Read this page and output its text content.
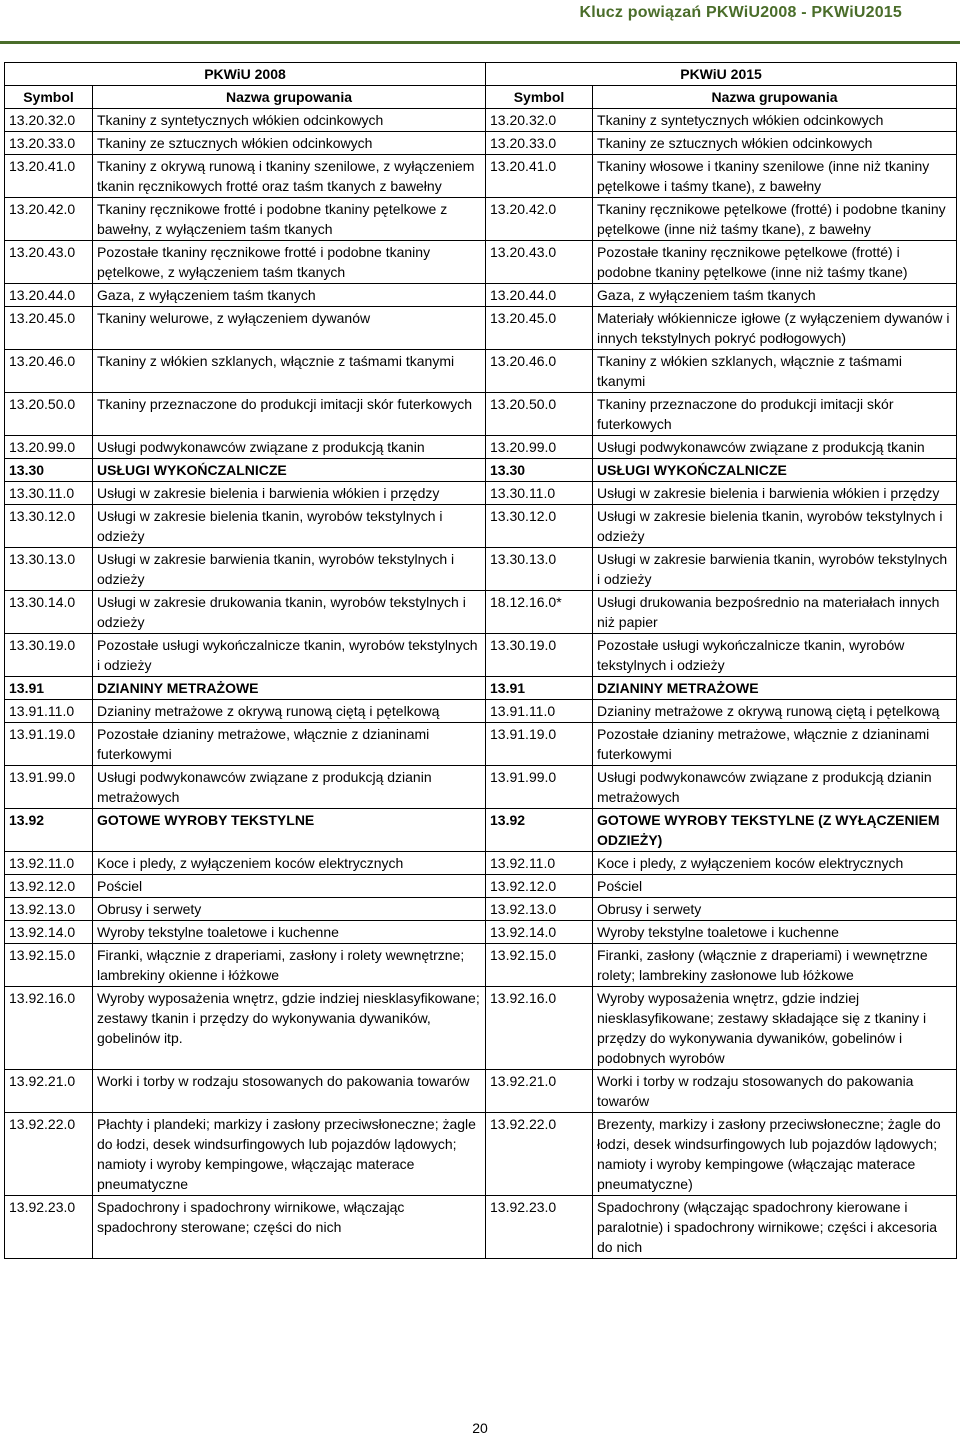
Klucz powiązań PKWiU2008 - PKWiU2015
PKWiU 2008		PKWiU 2015	
Symbol	Nazwa grupowania	Symbol	Nazwa grupowania
13.20.32.0	Tkaniny z syntetycznych włókien odcinkowych	13.20.32.0	Tkaniny z syntetycznych włókien odcinkowych
13.20.33.0	Tkaniny ze sztucznych włókien odcinkowych	13.20.33.0	Tkaniny ze sztucznych włókien odcinkowych
13.20.41.0	Tkaniny z okrywą runową i tkaniny szenilowe, z wyłączeniem tkanin ręcznikowych frotté oraz taśm tkanych z bawełny	13.20.41.0	Tkaniny włosowe i tkaniny szenilowe (inne niż tkaniny pętelkowe i taśmy tkane), z bawełny
13.20.42.0	Tkaniny ręcznikowe frotté i podobne tkaniny pętelkowe z bawełny, z wyłączeniem taśm tkanych	13.20.42.0	Tkaniny ręcznikowe pętelkowe (frotté) i podobne tkaniny pętelkowe (inne niż taśmy tkane), z bawełny
13.20.43.0	Pozostałe tkaniny ręcznikowe frotté i podobne tkaniny pętelkowe, z wyłączeniem taśm tkanych	13.20.43.0	Pozostałe tkaniny ręcznikowe pętelkowe (frotté) i podobne tkaniny pętelkowe (inne niż taśmy tkane)
13.20.44.0	Gaza, z wyłączeniem taśm tkanych	13.20.44.0	Gaza, z wyłączeniem taśm tkanych
13.20.45.0	Tkaniny welurowe, z wyłączeniem dywanów	13.20.45.0	Materiały włókiennicze igłowe (z wyłączeniem dywanów i innych tekstylnych pokryć podłogowych)
13.20.46.0	Tkaniny z włókien szklanych, włącznie z taśmami tkanymi	13.20.46.0	Tkaniny z włókien szklanych, włącznie z taśmami tkanymi
13.20.50.0	Tkaniny przeznaczone do produkcji imitacji skór futerkowych	13.20.50.0	Tkaniny przeznaczone do produkcji imitacji skór futerkowych
13.20.99.0	Usługi podwykonawców związane z produkcją tkanin	13.20.99.0	Usługi podwykonawców związane z produkcją tkanin
13.30	USŁUGI WYKOŃCZALNICZE	13.30	USŁUGI WYKOŃCZALNICZE
13.30.11.0	Usługi w zakresie bielenia i barwienia włókien i przędzy	13.30.11.0	Usługi w zakresie bielenia i barwienia włókien i przędzy
13.30.12.0	Usługi w zakresie bielenia tkanin, wyrobów tekstylnych i odzieży	13.30.12.0	Usługi w zakresie bielenia tkanin, wyrobów tekstylnych i odzieży
13.30.13.0	Usługi w zakresie barwienia tkanin, wyrobów tekstylnych i odzieży	13.30.13.0	Usługi w zakresie barwienia tkanin, wyrobów tekstylnych i odzieży
13.30.14.0	Usługi w zakresie drukowania tkanin, wyrobów tekstylnych i odzieży	18.12.16.0*	Usługi drukowania bezpośrednio na materiałach innych niż papier
13.30.19.0	Pozostałe usługi wykończalnicze tkanin, wyrobów tekstylnych i odzieży	13.30.19.0	Pozostałe usługi wykończalnicze tkanin, wyrobów tekstylnych i odzieży
13.91	DZIANINY METRAŻOWE	13.91	DZIANINY METRAŻOWE
13.91.11.0	Dzianiny metrażowe z okrywą runową ciętą i pętelkową	13.91.11.0	Dzianiny metrażowe z okrywą runową ciętą i pętelkową
13.91.19.0	Pozostałe dzianiny metrażowe, włącznie z dzianinami futerkowymi	13.91.19.0	Pozostałe dzianiny metrażowe, włącznie z dzianinami futerkowymi
13.91.99.0	Usługi podwykonawców związane z produkcją dzianin metrażowych	13.91.99.0	Usługi podwykonawców związane z produkcją dzianin metrażowych
13.92	GOTOWE WYROBY TEKSTYLNE	13.92	GOTOWE WYROBY TEKSTYLNE (Z WYŁĄCZENIEM ODZIEŻY)
13.92.11.0	Koce i pledy, z wyłączeniem koców elektrycznych	13.92.11.0	Koce i pledy, z wyłączeniem koców elektrycznych
13.92.12.0	Pościel	13.92.12.0	Pościel
13.92.13.0	Obrusy i serwety	13.92.13.0	Obrusy i serwety
13.92.14.0	Wyroby tekstylne toaletowe i kuchenne	13.92.14.0	Wyroby tekstylne toaletowe i kuchenne
13.92.15.0	Firanki, włącznie z draperiami, zasłony i rolety wewnętrzne; lambrekiny okienne i łóżkowe	13.92.15.0	Firanki, zasłony (włącznie z draperiami) i wewnętrzne rolety; lambrekiny zasłonowe lub łóżkowe
13.92.16.0	Wyroby wyposażenia wnętrz, gdzie indziej niesklasyfikowane; zestawy tkanin i przędzy do wykonywania dywaników, gobelinów itp.	13.92.16.0	Wyroby wyposażenia wnętrz, gdzie indziej niesklasyfikowane; zestawy składające się z tkaniny i przędzy do wykonywania dywaników, gobelinów i podobnych wyrobów
13.92.21.0	Worki i torby w rodzaju stosowanych do pakowania towarów	13.92.21.0	Worki i torby w rodzaju stosowanych do pakowania towarów
13.92.22.0	Płachty i plandeki; markizy i zasłony przeciwsłoneczne; żagle do łodzi, desek windsurfingowych lub pojazdów lądowych; namioty i wyroby kempingowe, włączając materace pneumatyczne	13.92.22.0	Brezenty, markizy i zasłony przeciwsłoneczne; żagle do łodzi, desek windsurfingowych lub pojazdów lądowych; namioty i wyroby kempingowe (włączając materace pneumatyczne)
13.92.23.0	Spadochrony i spadochrony wirnikowe, włączając spadochrony sterowane; części do nich	13.92.23.0	Spadochrony (włączając spadochrony kierowane i paralotnie) i spadochrony wirnikowe; części i akcesoria do nich
20
